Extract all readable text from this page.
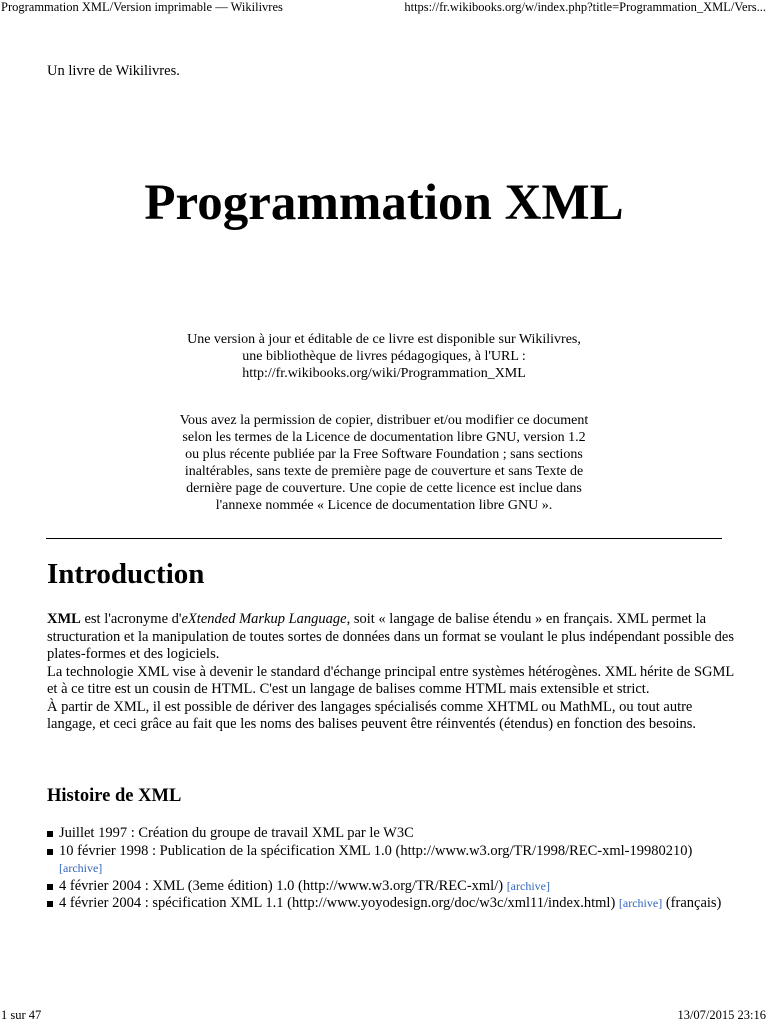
Programmation XML/Version imprimable — Wikilivres	https://fr.wikibooks.org/w/index.php?title=Programmation_XML/Vers...
Un livre de Wikilivres.
Programmation XML
Une version à jour et éditable de ce livre est disponible sur Wikilivres,
une bibliothèque de livres pédagogiques, à l'URL :
http://fr.wikibooks.org/wiki/Programmation_XML
Vous avez la permission de copier, distribuer et/ou modifier ce document
selon les termes de la Licence de documentation libre GNU, version 1.2
ou plus récente publiée par la Free Software Foundation ; sans sections
inaltérables, sans texte de première page de couverture et sans Texte de
dernière page de couverture. Une copie de cette licence est inclue dans
l'annexe nommée « Licence de documentation libre GNU ».
Introduction

XML est l'acronyme d'eXtended Markup Language, soit « langage de balise étendu » en français. XML permet la structuration et la manipulation de toutes sortes de données dans un format se voulant le plus indépendant possible des plates-formes et des logiciels.

La technologie XML vise à devenir le standard d'échange principal entre systèmes hétérogènes. XML hérite de SGML et à ce titre est un cousin de HTML. C'est un langage de balises comme HTML mais extensible et strict.

À partir de XML, il est possible de dériver des langages spécialisés comme XHTML ou MathML, ou tout autre langage, et ceci grâce au fait que les noms des balises peuvent être réinventés (étendus) en fonction des besoins.

Histoire de XML
Juillet 1997 : Création du groupe de travail XML par le W3C
10 février 1998 : Publication de la spécification XML 1.0 (http://www.w3.org/TR/1998/REC-xml-19980210) [archive]
4 février 2004 : XML (3eme édition) 1.0 (http://www.w3.org/TR/REC-xml/) [archive]
4 février 2004 : spécification XML 1.1 (http://www.yoyodesign.org/doc/w3c/xml11/index.html) [archive] (français)
1 sur 47	13/07/2015 23:16
